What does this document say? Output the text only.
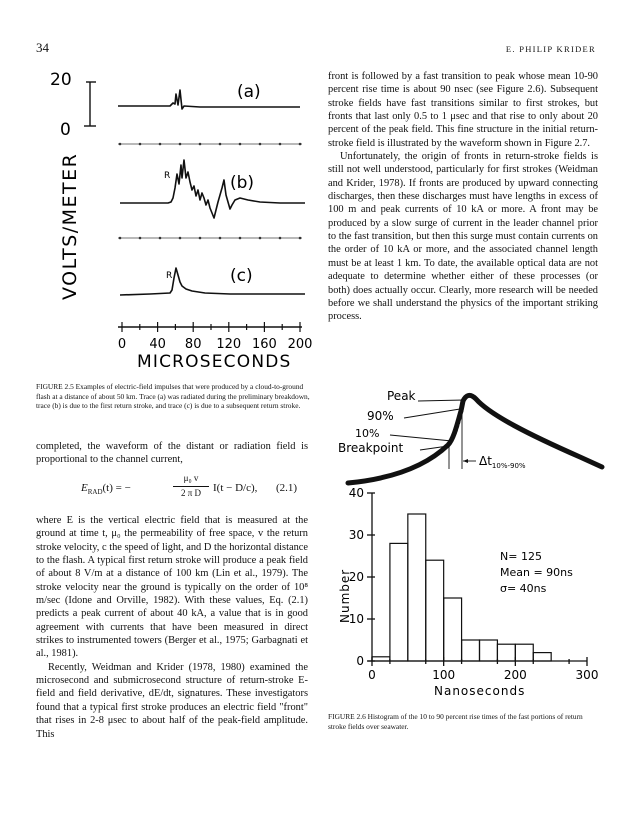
34	E. PHILIP KRIDER
20
0
VOLTS/METER
(a)
(b)
(c)
R
R
0 40 80 120 160 200
MICROSECONDS
FIGURE 2.5 Examples of electric-field impulses that were produced by a cloud-to-ground flash at a distance of about 50 km. Trace (a) was radiated during the preliminary breakdown, trace (b) is due to the first return stroke, and trace (c) is due to a subsequent return stroke.

completed, the waveform of the distant or radiation field is proportional to the channel current,

$E_{RAD}(t)$ = −
μ₀ v
2 π D	I(t − D/c), (2.1)

where E is the vertical electric field that is measured at the ground at time t, μ₀ the permeability of free space, v the return stroke velocity, c the speed of light, and D the horizontal distance to the flash. A typical first return stroke will produce a peak field of about 8 V/m at a distance of 100 km (Lin et al., 1979). The stroke velocity near the ground is typically on the order of 10⁸ m/sec (Idone and Orville, 1982). With these values, Eq. (2.1) predicts a peak current of about 40 kA, a value that is in good agreement with currents that have been measured in direct strikes to instrumented towers (Berger et al., 1975; Garbagnati et al., 1981).

Recently, Weidman and Krider (1978, 1980) examined the microsecond and submicrosecond structure of return-stroke E-field and field derivative, dE/dt, signatures. These investigators found that a typical first stroke produces an electric field "front" that rises in 2-8 μsec to about half of the peak-field amplitude. This

front is followed by a fast transition to peak whose mean 10-90 percent rise time is about 90 nsec (see Figure 2.6). Subsequent stroke fields have fast transitions similar to first strokes, but fronts that last only 0.5 to 1 μsec and that rise to only about 20 percent of the peak field. This fine structure in the initial return-stroke field is illustrated by the waveform shown in Figure 2.7.

Unfortunately, the origin of fronts in return-stroke fields is still not well understood, particularly for first strokes (Weidman and Krider, 1978). If fronts are produced by upward connecting discharges, then these discharges must have lengths in excess of 100 m and peak currents of 10 kA or more. A front may be produced by a slow surge of current in the leader channel prior to the fast transition, but then this surge must contain currents on the order of 10 kA or more, and the associated channel length must be at least 1 km. To date, the available optical data are not adequate to determine whether either of these processes (or both) does actually occur. Clearly, more research will be needed before we shall understand the physics of the important striking process.

Peak
90%
10%
Breakpoint
$\Delta t_{10\%-90\%}$
0
10
20
30
40
0	100	200	300
Number
Nanoseconds
N= 125
Mean = 90ns
σ= 40ns
FIGURE 2.6 Histogram of the 10 to 90 percent rise times of the fast portions of return stroke fields over seawater.
